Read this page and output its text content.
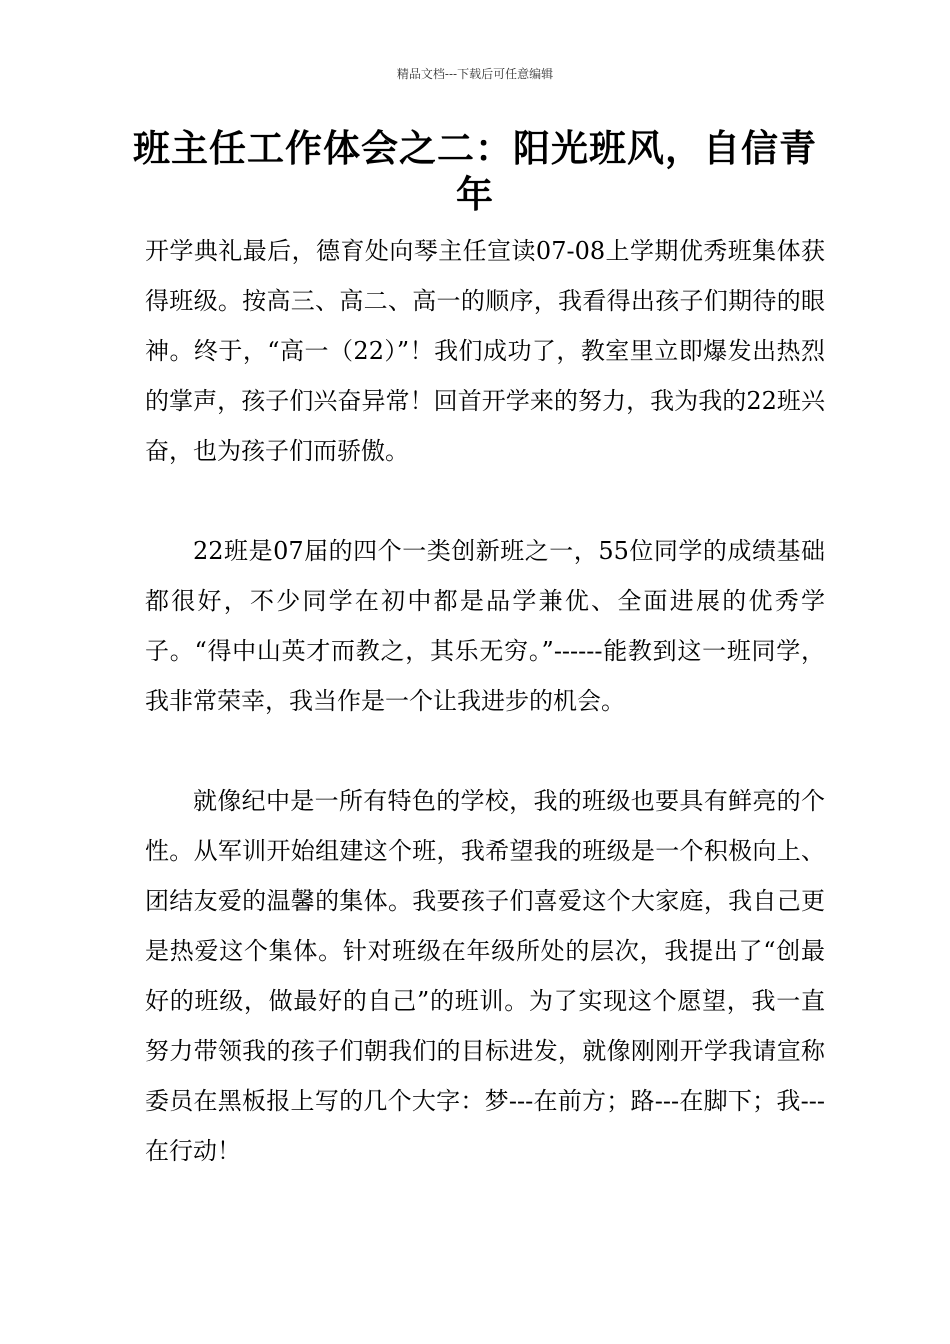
精品文档---下载后可任意编辑
班主任工作体会之二：阳光班风，自信青年

开学典礼最后，德育处向琴主任宣读07-08上学期优秀班集体获得班级。按高三、高二、高一的顺序，我看得出孩子们期待的眼神。终于，“高一（22）”！我们成功了，教室里立即爆发出热烈的掌声，孩子们兴奋异常！回首开学来的努力，我为我的22班兴奋，也为孩子们而骄傲。

22班是07届的四个一类创新班之一，55位同学的成绩基础都很好，不少同学在初中都是品学兼优、全面进展的优秀学子。“得中山英才而教之，其乐无穷。”------能教到这一班同学，我非常荣幸，我当作是一个让我进步的机会。

就像纪中是一所有特色的学校，我的班级也要具有鲜亮的个性。从军训开始组建这个班，我希望我的班级是一个积极向上、团结友爱的温馨的集体。我要孩子们喜爱这个大家庭，我自己更是热爱这个集体。针对班级在年级所处的层次，我提出了“创最好的班级，做最好的自己”的班训。为了实现这个愿望，我一直努力带领我的孩子们朝我们的目标进发，就像刚刚开学我请宣称委员在黑板报上写的几个大字：梦---在前方；路---在脚下；我---在行动！
